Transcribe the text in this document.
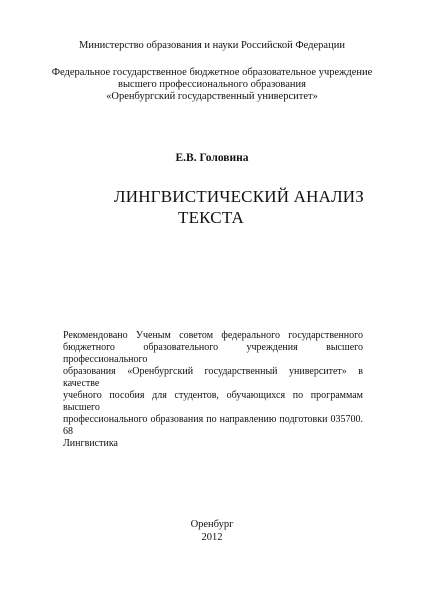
Министерство образования и науки Российской Федерации
Федеральное государственное бюджетное образовательное учреждение
высшего профессионального образования
«Оренбургский государственный университет»
Е.В. Головина
ЛИНГВИСТИЧЕСКИЙ АНАЛИЗ
ТЕКСТА
Рекомендовано Ученым советом федерального государственного
бюджетного образовательного учреждения высшего профессионального
образования «Оренбургский государственный университет» в качестве
учебного пособия для студентов, обучающихся по программам высшего
профессионального образования по направлению подготовки 035700. 68
Лингвистика
Оренбург
2012
